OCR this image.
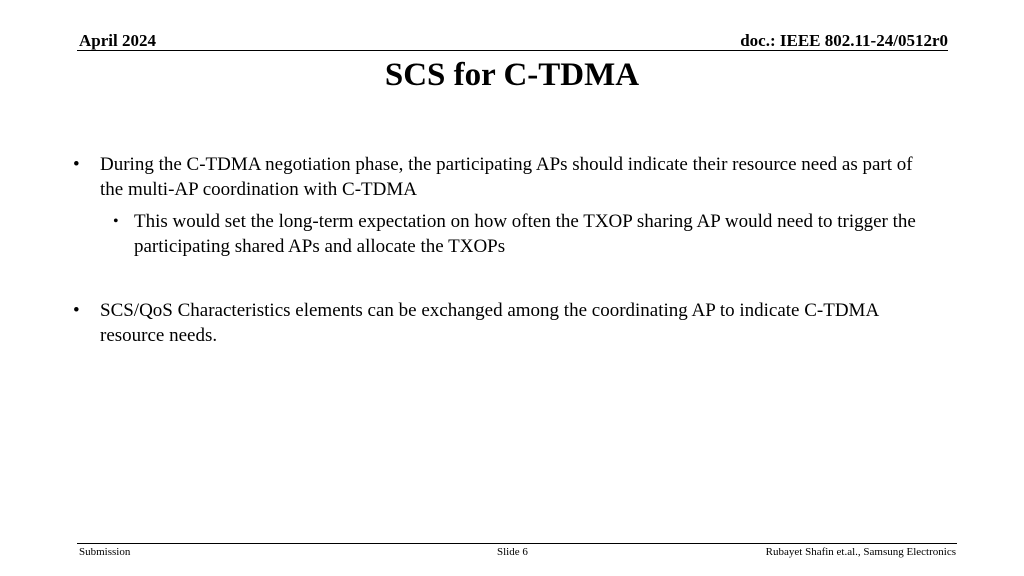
April 2024	doc.: IEEE 802.11-24/0512r0
SCS for C-TDMA
• During the C-TDMA negotiation phase, the participating APs should indicate their resource need as part of the multi-AP coordination with C-TDMA
• This would set the long-term expectation on how often the TXOP sharing AP would need to trigger the participating shared APs and allocate the TXOPs
• SCS/QoS Characteristics elements can be exchanged among the coordinating AP to indicate C-TDMA resource needs.
Submission	Slide 6	Rubayet Shafin et.al., Samsung Electronics
